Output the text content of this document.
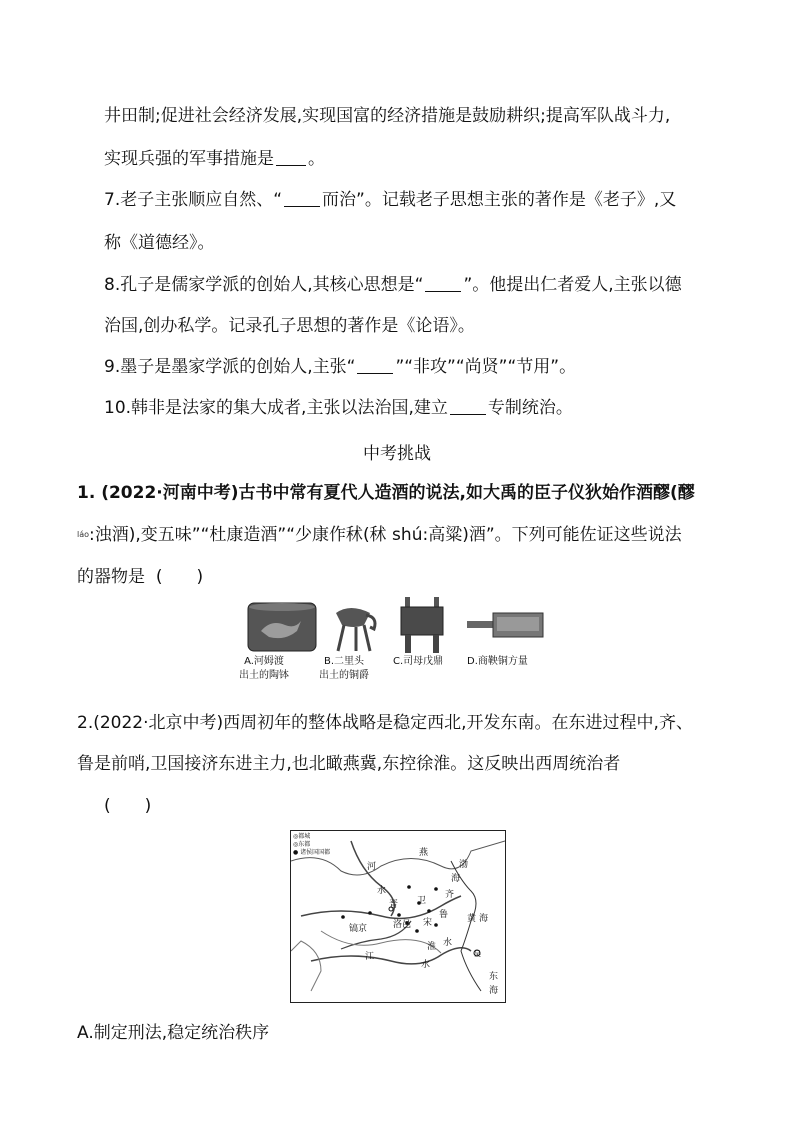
井田制;促进社会经济发展,实现国富的经济措施是鼓励耕织;提高军队战斗力,
实现兵强的军事措施是 。
7.老子主张顺应自然、“ 而治”。记载老子思想主张的著作是《老子》,又
称《道德经》。
8.孔子是儒家学派的创始人,其核心思想是“ ”。他提出仁者爱人,主张以德
治国,创办私学。记录孔子思想的著作是《论语》。
9.墨子是墨家学派的创始人,主张“ ”“非攻”“尚贤”“节用”。
10.韩非是法家的集大成者,主张以法治国,建立 专制统治。
中考挑战
1. (2022·河南中考)古书中常有夏代人造酒的说法,如大禹的臣子仪狄始作酒醪(醪
$^{láo}$:浊酒),变五味”“杜康造酒”“少康作秫(秫 shú:高粱)酒”。下列可能佐证这些说法
的器物是 (　　)
A.河姆渡
出土的陶钵
B.二里头
出土的铜爵
C.司母戊鼎 D.商鞅铜方量
2.(2022·北京中考)西周初年的整体战略是稳定西北,开发东南。在东进过程中,齐、
鲁是前哨,卫国接济东进主力,也北瞰燕冀,东控徐淮。这反映出西周统治者
(　　)
◎都城
◎东都
● 诸侯国国都	燕
渤
海
河
齐
水
晋 卫
鲁 黄 海
洛邑 宋
镐京
淮 水
江
水
吴
东
海
A.制定刑法,稳定统治秩序
